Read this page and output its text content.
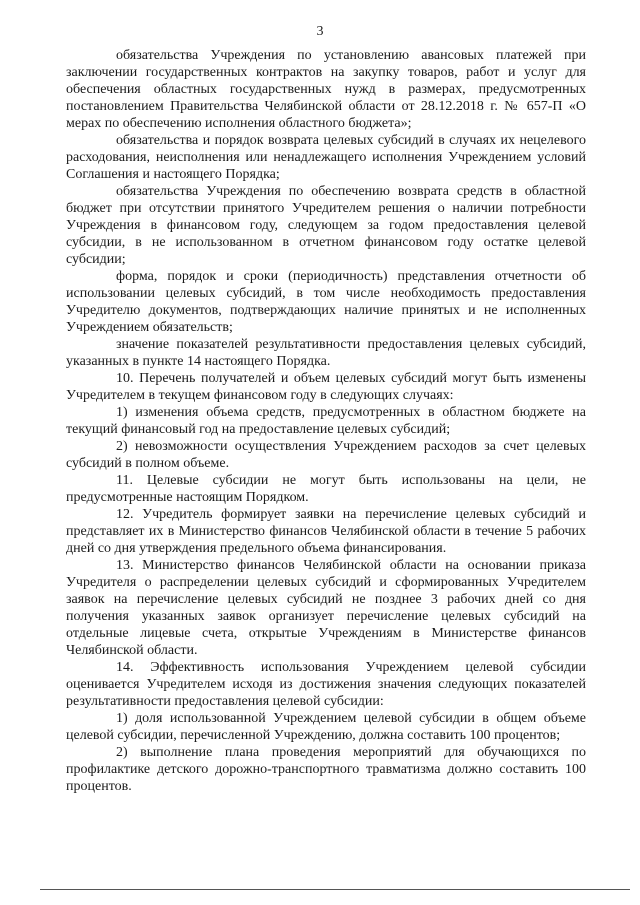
3

обязательства Учреждения по установлению авансовых платежей при заключении государственных контрактов на закупку товаров, работ и услуг для обеспечения областных государственных нужд в размерах, предусмотренных постановлением Правительства Челябинской области от 28.12.2018 г. № 657-П «О мерах по обеспечению исполнения областного бюджета»;

обязательства и порядок возврата целевых субсидий в случаях их нецелевого расходования, неисполнения или ненадлежащего исполнения Учреждением условий Соглашения и настоящего Порядка;

обязательства Учреждения по обеспечению возврата средств в областной бюджет при отсутствии принятого Учредителем решения о наличии потребности Учреждения в финансовом году, следующем за годом предоставления целевой субсидии, в не использованном в отчетном финансовом году остатке целевой субсидии;

форма, порядок и сроки (периодичность) представления отчетности об использовании целевых субсидий, в том числе необходимость предоставления Учредителю документов, подтверждающих наличие принятых и не исполненных Учреждением обязательств;

значение показателей результативности предоставления целевых субсидий, указанных в пункте 14 настоящего Порядка.

10. Перечень получателей и объем целевых субсидий могут быть изменены Учредителем в текущем финансовом году в следующих случаях:

1) изменения объема средств, предусмотренных в областном бюджете на текущий финансовый год на предоставление целевых субсидий;

2) невозможности осуществления Учреждением расходов за счет целевых субсидий в полном объеме.

11. Целевые субсидии не могут быть использованы на цели, не предусмотренные настоящим Порядком.

12. Учредитель формирует заявки на перечисление целевых субсидий и представляет их в Министерство финансов Челябинской области в течение 5 рабочих дней со дня утверждения предельного объема финансирования.

13. Министерство финансов Челябинской области на основании приказа Учредителя о распределении целевых субсидий и сформированных Учредителем заявок на перечисление целевых субсидий не позднее 3 рабочих дней со дня получения указанных заявок организует перечисление целевых субсидий на отдельные лицевые счета, открытые Учреждениям в Министерстве финансов Челябинской области.

14. Эффективность использования Учреждением целевой субсидии оценивается Учредителем исходя из достижения значения следующих показателей результативности предоставления целевой субсидии:

1) доля использованной Учреждением целевой субсидии в общем объеме целевой субсидии, перечисленной Учреждению, должна составить 100 процентов;

2) выполнение плана проведения мероприятий для обучающихся по профилактике детского дорожно-транспортного травматизма должно составить 100 процентов.
